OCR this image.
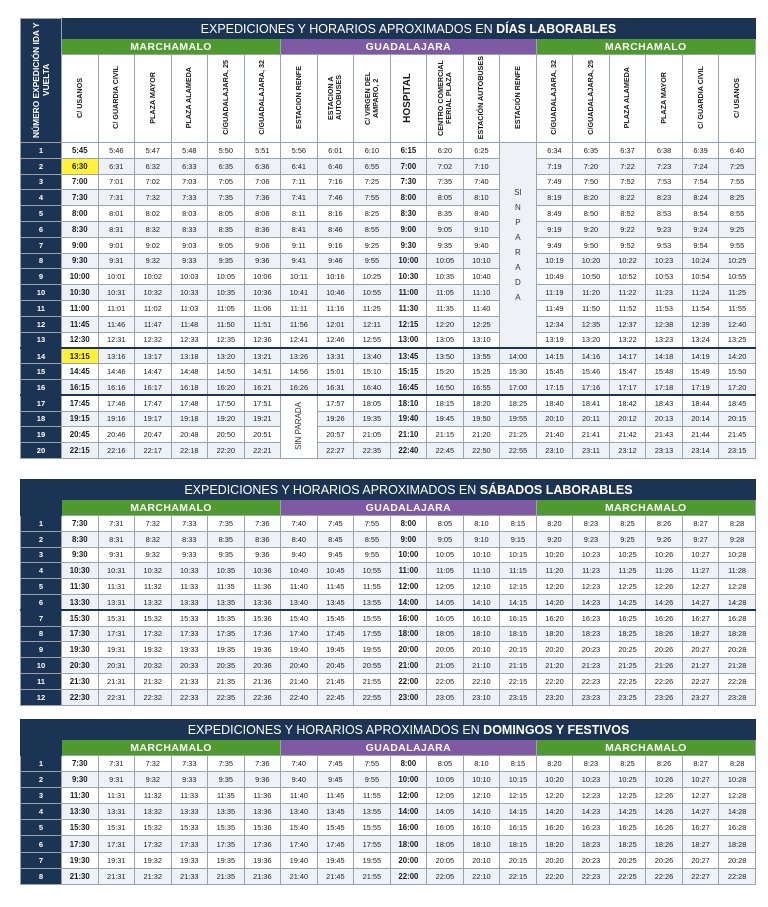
NÚMERO EXPEDICIÓN IDA Y VUELTA	EXPEDICIONES Y HORARIOS APROXIMADOS EN DÍAS LABORABLES																		
	MARCHAMALO						GUADALAJARA							MARCHAMALO					
	C/ USANOS	C/ GUARDIA CIVIL	PLAZA MAYOR	PLAZA ALAMEDA	C/GUADALAJARA, 25	C/GUADALAJARA, 32	ESTACION RENFE	ESTACION A AUTOBUSES	C/ VIRGEN DEL AMPARO, 2	HOSPITAL	CENTRO COMERCIAL FERIAL PLAZA	ESTACIÓN AUTOBUSES	ESTACIÓN RENFE	C/GUADALAJARA, 32	C/GUADALAJARA, 25	PLAZA ALAMEDA	PLAZA MAYOR	C/ GUARDIA CIVIL	C/ USANOS
1	5:45	5:46	5:47	5:48	5:50	5:51	5:56	6:01	6:10	6:15	6:20	6:25	SIN PARADA	6:34	6:35	6:37	6:38	6:39	6:40
2	6:30	6:31	6:32	6:33	6:35	6:36	6:41	6:46	6:55	7:00	7:02	7:10		7:19	7:20	7:22	7:23	7:24	7:25
3	7:00	7:01	7:02	7:03	7:05	7:06	7:11	7:16	7:25	7:30	7:35	7:40		7:49	7:50	7:52	7:53	7:54	7:55
4	7:30	7:31	7:32	7:33	7:35	7:36	7:41	7:46	7:55	8:00	8:05	8:10		8:19	8:20	8:22	8:23	8:24	8:25
5	8:00	8:01	8:02	8:03	8:05	8:06	8:11	8:16	8:25	8:30	8:35	8:40		8:49	8:50	8:52	8:53	8:54	8:55
6	8:30	8:31	8:32	8:33	8:35	8:36	8:41	8:46	8:55	9:00	9:05	9:10		9:19	9:20	9:22	9:23	9:24	9:25
7	9:00	9:01	9:02	9:03	9:05	9:06	9:11	9:16	9:25	9:30	9:35	9:40		9:49	9:50	9:52	9:53	9:54	9:55
8	9:30	9:31	9:32	9:33	9:35	9:36	9:41	9:46	9:55	10:00	10:05	10:10		10:19	10:20	10:22	10:23	10:24	10:25
9	10:00	10:01	10:02	10:03	10:05	10:06	10:11	10:16	10:25	10:30	10:35	10:40		10:49	10:50	10:52	10:53	10:54	10:55
10	10:30	10:31	10:32	10:33	10:35	10:36	10:41	10:46	10:55	11:00	11:05	11:10		11:19	11:20	11:22	11:23	11:24	11:25
11	11:00	11:01	11:02	11:03	11:05	11:06	11:11	11:16	11:25	11:30	11:35	11:40		11:49	11:50	11:52	11:53	11:54	11:55
12	11:45	11:46	11:47	11:48	11:50	11:51	11:56	12:01	12:11	12:15	12:20	12:25		12:34	12:35	12:37	12:38	12:39	12:40
13	12:30	12:31	12:32	12:33	12:35	12:36	12:41	12:46	12:55	13:00	13:05	13:10		13:19	13:20	13:22	13:23	13:24	13:25
14	13:15	13:16	13:17	13:18	13:20	13:21	13:26	13:31	13:40	13:45	13:50	13:55	14:00	14:15	14:16	14:17	14:18	14:19	14:20
15	14:45	14:46	14:47	14:48	14:50	14:51	14:56	15:01	15:10	15:15	15:20	15:25	15:30	15:45	15:46	15:47	15:48	15:49	15:50
16	16:15	16:16	16:17	16:18	16:20	16:21	16:26	16:31	16:40	16:45	16:50	16:55	17:00	17:15	17:16	17:17	17:18	17:19	17:20
17	17:45	17:46	17:47	17:48	17:50	17:51	SIN PARADA	17:57	18:05	18:10	18:15	18:20	18:25	18:40	18:41	18:42	18:43	18:44	18:45
18	19:15	19:16	19:17	19:18	19:20	19:21		19:26	19:35	19:40	19:45	19:50	19:55	20:10	20:11	20:12	20:13	20:14	20:15
19	20:45	20:46	20:47	20:48	20:50	20:51		20:57	21:05	21:10	21:15	21:20	21:25	21:40	21:41	21:42	21:43	21:44	21:45
20	22:15	22:16	22:17	22:18	22:20	22:21		22:27	22:35	22:40	22:45	22:50	22:55	23:10	23:11	23:12	23:13	23:14	23:15
	EXPEDICIONES Y HORARIOS APROXIMADOS EN SÁBADOS LABORABLES																		
	MARCHAMALO						GUADALAJARA							MARCHAMALO					
1	7:30	7:31	7:32	7:33	7:35	7:36	7:40	7:45	7:55	8:00	8:05	8:10	8:15	8:20	8:23	8:25	8:26	8:27	8:28
2	8:30	8:31	8:32	8:33	8:35	8:36	8:40	8:45	8:55	9:00	9:05	9:10	9:15	9:20	9:23	9:25	9:26	9:27	9:28
3	9:30	9:31	9:32	9:33	9:35	9:36	9:40	9:45	9:55	10:00	10:05	10:10	10:15	10:20	10:23	10:25	10:26	10:27	10:28
4	10:30	10:31	10:32	10:33	10:35	10:36	10:40	10:45	10:55	11:00	11:05	11:10	11:15	11:20	11:23	11:25	11:26	11:27	11:28
5	11:30	11:31	11:32	11:33	11:35	11:36	11:40	11:45	11:55	12:00	12:05	12:10	12:15	12:20	12:23	12:25	12:26	12:27	12:28
6	13:30	13:31	13:32	13:33	13:35	13:36	13:40	13:45	13:55	14:00	14:05	14:10	14:15	14:20	14:23	14:25	14:26	14:27	14:28
7	15:30	15:31	15:32	15:33	15:35	15:36	15:40	15:45	15:55	16:00	16:05	16:10	16:15	16:20	16:23	16:25	16:26	16:27	16:28
8	17:30	17:31	17:32	17:33	17:35	17:36	17:40	17:45	17:55	18:00	18:05	18:10	18:15	18:20	18:23	18:25	18:26	18:27	18:28
9	19:30	19:31	19:32	19:33	19:35	19:36	19:40	19:45	19:55	20:00	20:05	20:10	20:15	20:20	20:23	20:25	20:26	20:27	20:28
10	20:30	20:31	20:32	20:33	20:35	20:36	20:40	20:45	20:55	21:00	21:05	21:10	21:15	21:20	21:23	21:25	21:26	21:27	21:28
11	21:30	21:31	21:32	21:33	21:35	21:36	21:40	21:45	21:55	22:00	22:05	22:10	22:15	22:20	22:23	22:25	22:26	22:27	22:28
12	22:30	22:31	22:32	22:33	22:35	22:36	22:40	22:45	22:55	23:00	23:05	23:10	23:15	23:20	23:23	23:25	23:26	23:27	23:28
	EXPEDICIONES Y HORARIOS APROXIMADOS EN DOMINGOS Y FESTIVOS																		
	MARCHAMALO						GUADALAJARA							MARCHAMALO					
1	7:30	7:31	7:32	7:33	7:35	7:36	7:40	7:45	7:55	8:00	8:05	8:10	8:15	8:20	8:23	8:25	8:26	8:27	8:28
2	9:30	9:31	9:32	9:33	9:35	9:36	9:40	9:45	9:55	10:00	10:05	10:10	10:15	10:20	10:23	10:25	10:26	10:27	10:28
3	11:30	11:31	11:32	11:33	11:35	11:36	11:40	11:45	11:55	12:00	12:05	12:10	12:15	12:20	12:23	12:25	12:26	12:27	12:28
4	13:30	13:31	13:32	13:33	13:35	13:36	13:40	13:45	13:55	14:00	14:05	14:10	14:15	14:20	14:23	14:25	14:26	14:27	14:28
5	15:30	15:31	15:32	15:33	15:35	15:36	15:40	15:45	15:55	16:00	16:05	16:10	16:15	16:20	16:23	16:25	16:26	16:27	16:28
6	17:30	17:31	17:32	17:33	17:35	17:36	17:40	17:45	17:55	18:00	18:05	18:10	18:15	18:20	18:23	18:25	18:26	18:27	18:28
7	19:30	19:31	19:32	19:33	19:35	19:36	19:40	19:45	19:55	20:00	20:05	20:10	20:15	20:20	20:23	20:25	20:26	20:27	20:28
8	21:30	21:31	21:32	21:33	21:35	21:36	21:40	21:45	21:55	22:00	22:05	22:10	22:15	22:20	22:23	22:25	22:26	22:27	22:28
